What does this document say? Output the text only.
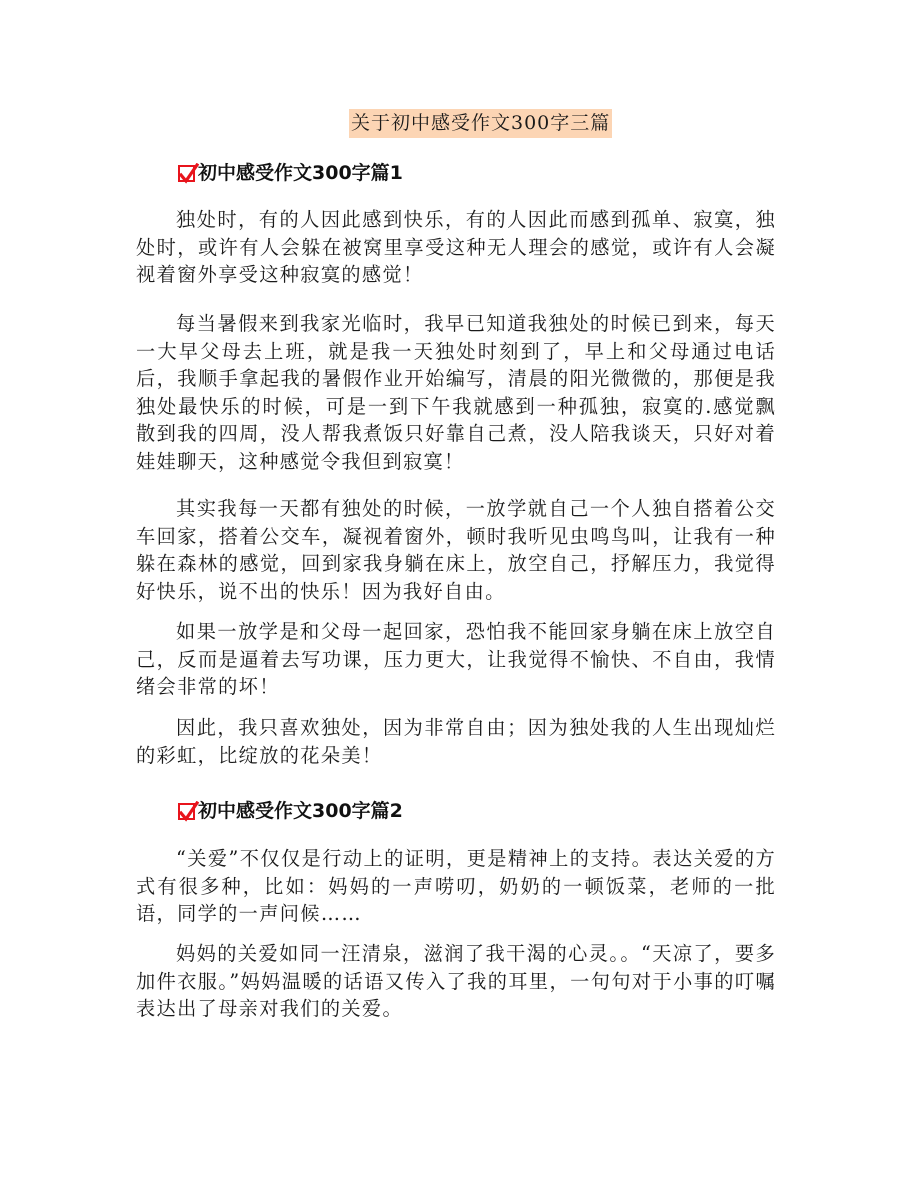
关于初中感受作文300字三篇
初中感受作文300字篇1

独处时，有的人因此感到快乐，有的人因此而感到孤单、寂寞，独处时，或许有人会躲在被窝里享受这种无人理会的感觉，或许有人会凝视着窗外享受这种寂寞的感觉！

每当暑假来到我家光临时，我早已知道我独处的时候已到来，每天一大早父母去上班，就是我一天独处时刻到了，早上和父母通过电话后，我顺手拿起我的暑假作业开始编写，清晨的阳光微微的，那便是我独处最快乐的时候，可是一到下午我就感到一种孤独，寂寞的.感觉飘散到我的四周，没人帮我煮饭只好靠自己煮，没人陪我谈天，只好对着娃娃聊天，这种感觉令我但到寂寞！

其实我每一天都有独处的时候，一放学就自己一个人独自搭着公交车回家，搭着公交车，凝视着窗外，顿时我听见虫鸣鸟叫，让我有一种躲在森林的感觉，回到家我身躺在床上，放空自己，抒解压力，我觉得好快乐，说不出的快乐！因为我好自由。

如果一放学是和父母一起回家，恐怕我不能回家身躺在床上放空自己，反而是逼着去写功课，压力更大，让我觉得不愉快、不自由，我情绪会非常的坏！

因此，我只喜欢独处，因为非常自由；因为独处我的人生出现灿烂的彩虹，比绽放的花朵美！

初中感受作文300字篇2

“关爱”不仅仅是行动上的证明，更是精神上的支持。表达关爱的方式有很多种，比如：妈妈的一声唠叨，奶奶的一顿饭菜，老师的一批语，同学的一声问候……

妈妈的关爱如同一汪清泉，滋润了我干渴的心灵。。“天凉了，要多加件衣服。”妈妈温暖的话语又传入了我的耳里，一句句对于小事的叮嘱表达出了母亲对我们的关爱。
